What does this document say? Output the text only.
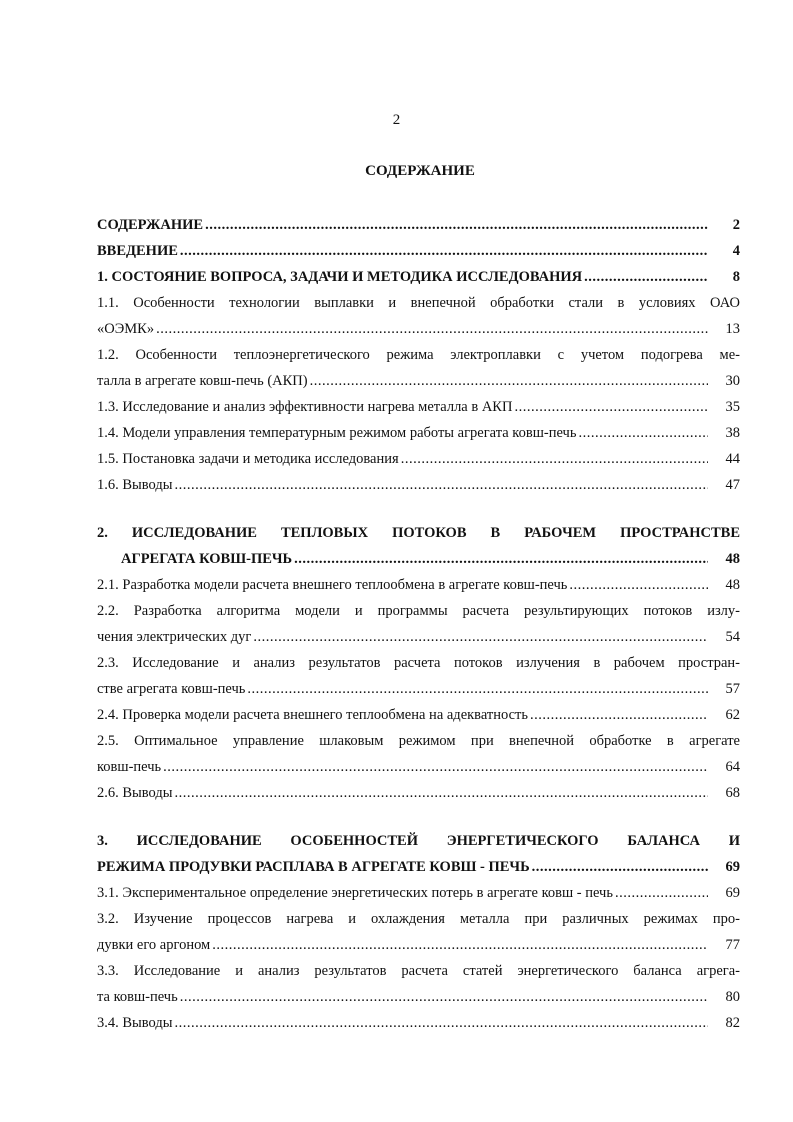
2
СОДЕРЖАНИЕ
СОДЕРЖАНИЕ .....	2
ВВЕДЕНИЕ .....	4
1. СОСТОЯНИЕ ВОПРОСА, ЗАДАЧИ И МЕТОДИКА ИССЛЕДОВАНИЯ .....	8
1.1. Особенности технологии выплавки и внепечной обработки стали в условиях ОАО
«ОЭМК» .....	13
1.2. Особенности теплоэнергетического режима электроплавки с учетом подогрева ме-
талла в агрегате ковш-печь (АКП) .....	30
1.3. Исследование и анализ эффективности нагрева металла в АКП .....	35
1.4. Модели управления температурным режимом работы агрегата ковш-печь .....	38
1.5. Постановка задачи и методика исследования .....	44
1.6. Выводы .....	47
2. ИССЛЕДОВАНИЕ ТЕПЛОВЫХ ПОТОКОВ В РАБОЧЕМ ПРОСТРАНСТВЕ
АГРЕГАТА КОВШ-ПЕЧЬ .....	48
2.1. Разработка модели расчета внешнего теплообмена в агрегате ковш-печь .....	48
2.2. Разработка алгоритма модели и программы расчета результирующих потоков излу-
чения электрических дуг .....	54
2.3. Исследование и анализ результатов расчета потоков излучения в рабочем простран-
стве агрегата ковш-печь .....	57
2.4. Проверка модели расчета внешнего теплообмена на адекватность .....	62
2.5. Оптимальное управление шлаковым режимом при внепечной обработке в агрегате
ковш-печь .....	64
2.6. Выводы .....	68
3. ИССЛЕДОВАНИЕ ОСОБЕННОСТЕЙ ЭНЕРГЕТИЧЕСКОГО БАЛАНСА И
РЕЖИМА ПРОДУВКИ РАСПЛАВА В АГРЕГАТЕ КОВШ - ПЕЧЬ .....	69
3.1. Экспериментальное определение энергетических потерь в агрегате ковш - печь .....	69
3.2. Изучение процессов нагрева и охлаждения металла при различных режимах про-
дувки его аргоном .....	77
3.3. Исследование и анализ результатов расчета статей энергетического баланса агрега-
та ковш-печь .....	80
3.4. Выводы .....	82
